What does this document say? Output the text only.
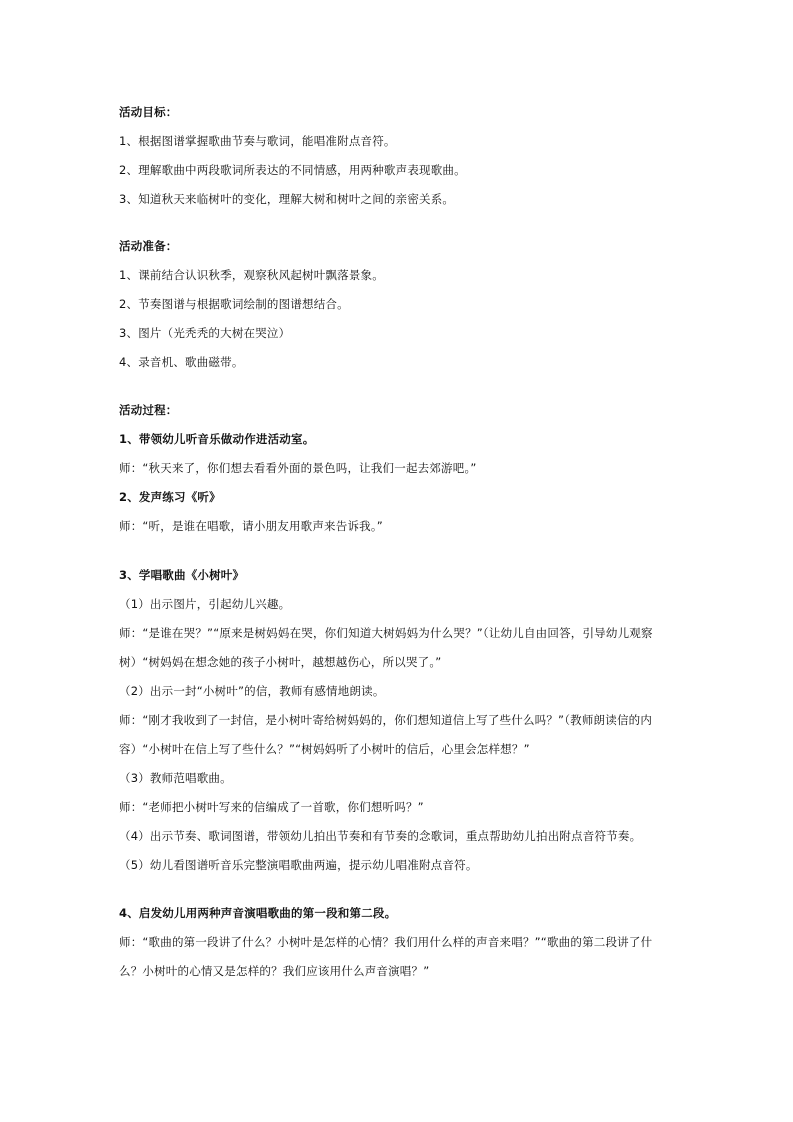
活动目标：
1、根据图谱掌握歌曲节奏与歌词，能唱准附点音符。
2、理解歌曲中两段歌词所表达的不同情感，用两种歌声表现歌曲。
3、知道秋天来临树叶的变化，理解大树和树叶之间的亲密关系。
活动准备：
1、课前结合认识秋季，观察秋风起树叶飘落景象。
2、节奏图谱与根据歌词绘制的图谱想结合。
3、图片（光秃秃的大树在哭泣）
4、录音机、歌曲磁带。
活动过程：
1、带领幼儿听音乐做动作进活动室。
师：“秋天来了，你们想去看看外面的景色吗，让我们一起去郊游吧。”
2、发声练习《听》
师：“听，是谁在唱歌，请小朋友用歌声来告诉我。”
3、学唱歌曲《小树叶》
（1）出示图片，引起幼儿兴趣。
师：“是谁在哭？”“原来是树妈妈在哭，你们知道大树妈妈为什么哭？”（让幼儿自由回答，引导幼儿观察
树）“树妈妈在想念她的孩子小树叶，越想越伤心，所以哭了。”
（2）出示一封“小树叶”的信，教师有感情地朗读。
师：“刚才我收到了一封信，是小树叶寄给树妈妈的，你们想知道信上写了些什么吗？”（教师朗读信的内
容）“小树叶在信上写了些什么？”“树妈妈听了小树叶的信后，心里会怎样想？”
（3）教师范唱歌曲。
师：“老师把小树叶写来的信编成了一首歌，你们想听吗？”
（4）出示节奏、歌词图谱，带领幼儿拍出节奏和有节奏的念歌词，重点帮助幼儿拍出附点音符节奏。
（5）幼儿看图谱听音乐完整演唱歌曲两遍，提示幼儿唱准附点音符。
4、启发幼儿用两种声音演唱歌曲的第一段和第二段。
师：“歌曲的第一段讲了什么？小树叶是怎样的心情？我们用什么样的声音来唱？”“歌曲的第二段讲了什
么？小树叶的心情又是怎样的？我们应该用什么声音演唱？”
